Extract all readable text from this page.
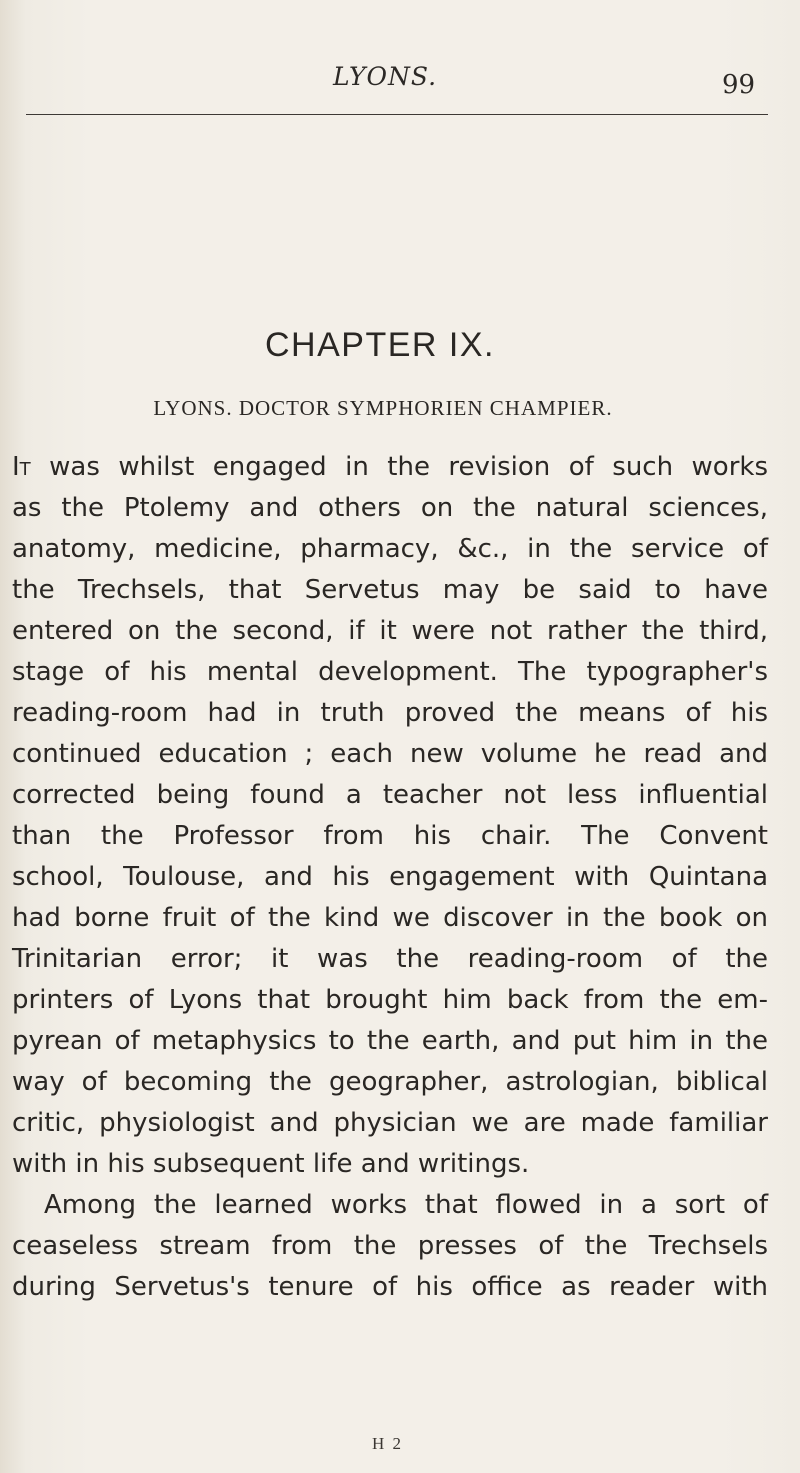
LYONS.	99
CHAPTER IX.
LYONS. DOCTOR SYMPHORIEN CHAMPIER.
It was whilst engaged in the revision of such works
as the Ptolemy and others on the natural sciences,
anatomy, medicine, pharmacy, &c., in the service of
the Trechsels, that Servetus may be said to have
entered on the second, if it were not rather the third,
stage of his mental development. The typographer's
reading-room had in truth proved the means of his
continued education ; each new volume he read and
corrected being found a teacher not less influential
than the Professor from his chair. The Convent
school, Toulouse, and his engagement with Quintana
had borne fruit of the kind we discover in the book on
Trinitarian error; it was the reading-room of the
printers of Lyons that brought him back from the em-
pyrean of metaphysics to the earth, and put him in the
way of becoming the geographer, astrologian, biblical
critic, physiologist and physician we are made familiar
with in his subsequent life and writings.
Among the learned works that flowed in a sort of
ceaseless stream from the presses of the Trechsels
during Servetus's tenure of his office as reader with
H 2
